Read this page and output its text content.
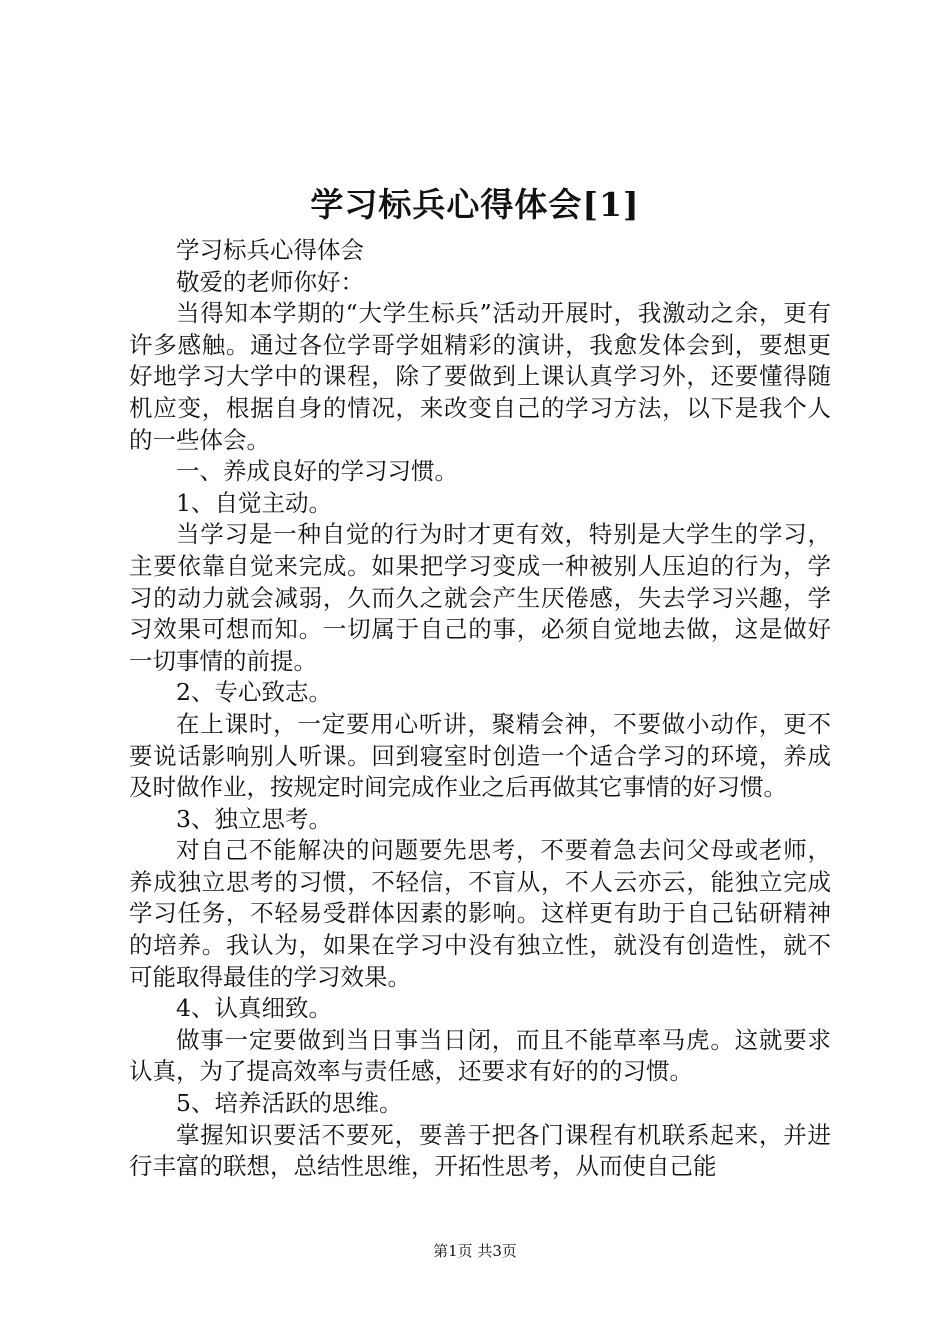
学习标兵心得体会[1]

学习标兵心得体会

敬爱的老师你好：

当得知本学期的“大学生标兵”活动开展时，我激动之余，更有许多感触。通过各位学哥学姐精彩的演讲，我愈发体会到，要想更好地学习大学中的课程，除了要做到上课认真学习外，还要懂得随机应变，根据自身的情况，来改变自己的学习方法，以下是我个人的一些体会。

一、养成良好的学习习惯。

1、自觉主动。

当学习是一种自觉的行为时才更有效，特别是大学生的学习，主要依靠自觉来完成。如果把学习变成一种被别人压迫的行为，学习的动力就会减弱，久而久之就会产生厌倦感，失去学习兴趣，学习效果可想而知。一切属于自己的事，必须自觉地去做，这是做好一切事情的前提。

2、专心致志。

在上课时，一定要用心听讲，聚精会神，不要做小动作，更不要说话影响别人听课。回到寝室时创造一个适合学习的环境，养成及时做作业，按规定时间完成作业之后再做其它事情的好习惯。

3、独立思考。

对自己不能解决的问题要先思考，不要着急去问父母或老师，养成独立思考的习惯，不轻信，不盲从，不人云亦云，能独立完成学习任务，不轻易受群体因素的影响。这样更有助于自己钻研精神的培养。我认为，如果在学习中没有独立性，就没有创造性，就不可能取得最佳的学习效果。

4、认真细致。

做事一定要做到当日事当日闭，而且不能草率马虎。这就要求认真，为了提高效率与责任感，还要求有好的的习惯。

5、培养活跃的思维。

掌握知识要活不要死，要善于把各门课程有机联系起来，并进行丰富的联想，总结性思维，开拓性思考，从而使自己能

第1页 共3页
